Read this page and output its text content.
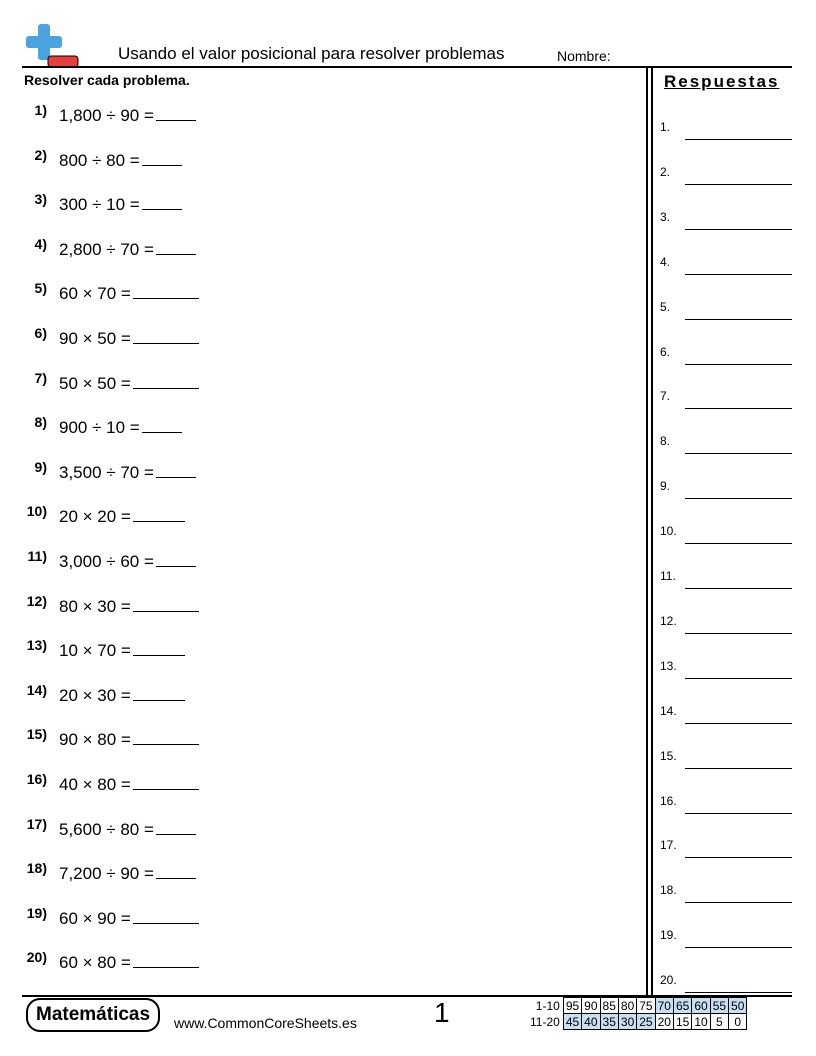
Usando el valor posicional para resolver problemas	Nombre:
Resolver cada problema.
1) 1,800 ÷ 90 =
2) 800 ÷ 80 =
3) 300 ÷ 10 =
4) 2,800 ÷ 70 =
5) 60 × 70 =
6) 90 × 50 =
7) 50 × 50 =
8) 900 ÷ 10 =
9) 3,500 ÷ 70 =
10) 20 × 20 =
11) 3,000 ÷ 60 =
12) 80 × 30 =
13) 10 × 70 =
14) 20 × 30 =
15) 90 × 80 =
16) 40 × 80 =
17) 5,600 ÷ 80 =
18) 7,200 ÷ 90 =
19) 60 × 90 =
20) 60 × 80 =
Respuestas
1.
2.
3.
4.
5.
6.
7.
8.
9.
10.
11.
12.
13.
14.
15.
16.
17.
18.
19.
20.
Matemáticas	www.CommonCoreSheets.es	1	1-10	95	90	85	80	75	70	65	60	55	50
11-20	45	40	35	30	25	20	15	10	5	0
